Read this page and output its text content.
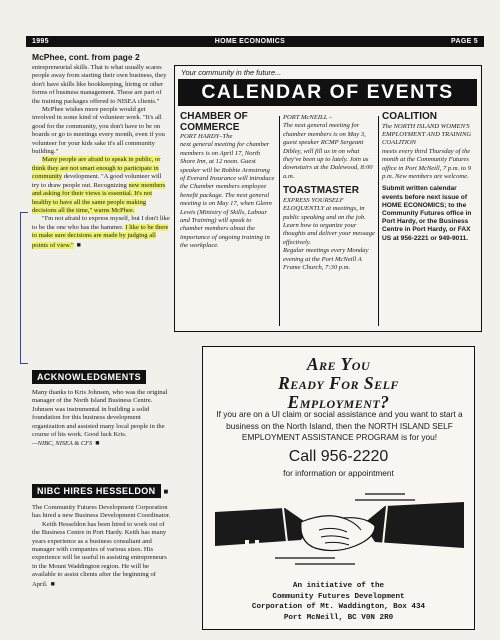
1995	HOME ECONOMICS	PAGE 5

McPhee, cont. from page 2

entrepreneurial skills. That is what usually scares people away from starting their own business, they don't have skills like bookkeeping, hiring or other forms of business management. These are part of the training packages offered to NISEA clients."

McPhee wishes more people would get involved in some kind of volunteer work. "It's all good for the community, you don't have to be on boards or go to meetings every month, even if you volunteer for your kids sake it's all community building."

Many people are afraid to speak in public, or think they are not smart enough to participate in community development. "A good volunteer will try to draw people out. Recognizing new members and asking for their views is essential. It's not healthy to have all the same people making decisions all the time," warns McPhee.

"I'm not afraid to express myself, but I don't like to be the one who has the hammer. I like to be there to make sure decisions are made by judging all points of view." ■

ACKNOWLEDGMENTS

Many thanks to Kris Johnsen, who was the original manager of the North Island Business Centre. Johnsen was instrumental in building a solid foundation for this business development organization and assisted many local people in the course of his work. Good luck Kris.

—NIBC, NISEA & CFS ■

NIBC HIRES HESSELDON ■

The Community Futures Development Corporation has hired a new Business Development Coordinator.

Keith Hesseldon has been hired to work out of the Business Centre in Port Hardy. Keith has many years experience as a business consultant and manager with companies of various sizes. His experience will be useful in assisting entrepreneurs in the Mount Waddington region. He will be available to assist clients after the beginning of April. ■

Your community in the future...
CALENDAR OF EVENTS

CHAMBER OF

COMMERCE

PORT HARDY–The

next general meeting for chamber members is on April 17, North Shore Inn, at 12 noon. Guest speaker will be Robbie Armstrong of Everard Insurance will introduce the Chamber members employee benefit package. The next general meeting is on May 17, when Glenn Lewis (Ministry of Skills, Labour and Training) will speak to chamber members about the importance of ongoing training in the workplace.

PORT McNEILL –

The next general meeting for chamber members is on May 3, guest speaker RCMP Sergeant Dibley, will fill us in on what they've been up to lately. Join us downstairs at the Dalewood, 8:00 a.m.

TOASTMASTER

EXPRESS YOURSELF ELOQUENTLY at meetings, in public speaking and on the job. Learn how to organize your thoughts and deliver your message effectively.

Regular meetings every Monday evening at the Port McNeill A Frame Church, 7:30 p.m.

COALITION

The NORTH ISLAND WOMEN'S EMPLOYMENT AND TRAINING COALITION

meets every third Thursday of the month at the Community Futures office in Port McNeill, 7 p.m. to 9 p.m. New members are welcome.

Submit written calendar events before next issue of HOME ECONOMICS; to the Community Futures office in Port Hardy, or the Business Centre in Port Hardy, or FAX US at 956-2221 or 949-9011.

Are You
Ready For Self
Employment?
If you are on a UI claim or social assistance and you want to start a business on the North Island, then the NORTH ISLAND SELF EMPLOYMENT ASSISTANCE PROGRAM is for you!
Call 956-2220
for information or appointment
An initiative of the
Community Futures Development
Corporation of Mt. Waddington, Box 434
Port McNeill, BC V0N 2R0
